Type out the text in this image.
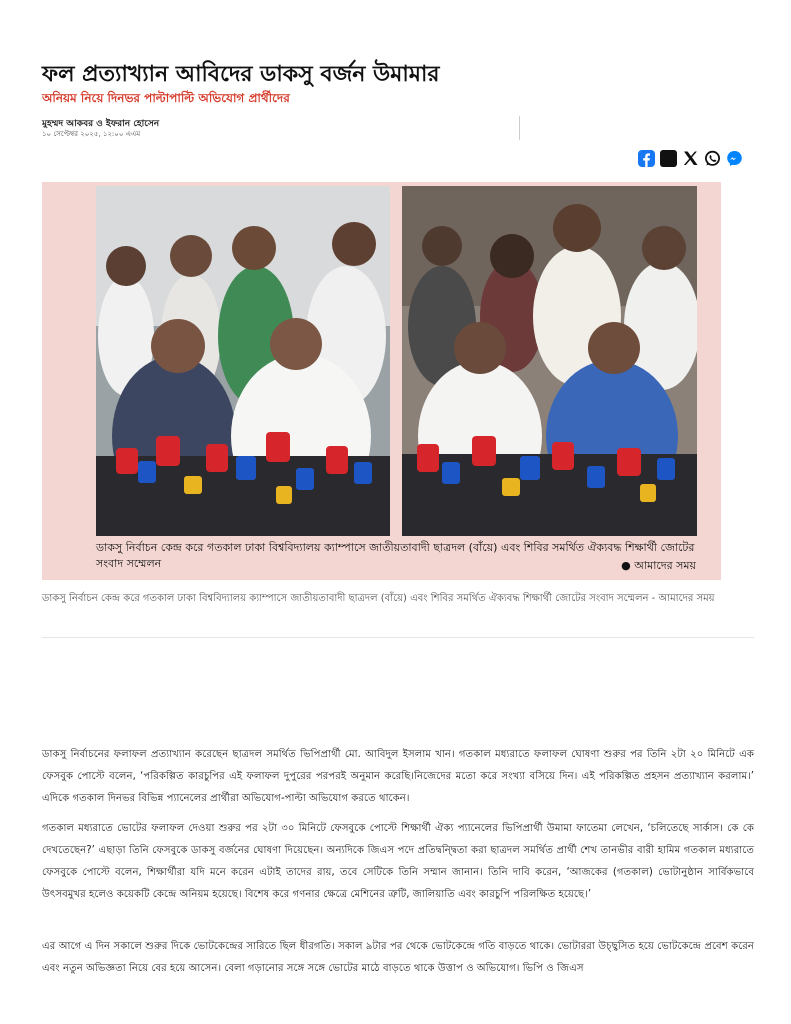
ফল প্রত্যাখ্যান আবিদের ডাকসু বর্জন উমামার
অনিয়ম নিয়ে দিনভর পাল্টাপাল্টি অভিযোগ প্রার্থীদের
মুহম্মদ আকবর ও ইফরান হোসেন
১০ সেপ্টেম্বর ২০২৫, ১২:০০ এএম
ডাকসু নির্বাচন কেন্দ্র করে গতকাল ঢাকা বিশ্ববিদ্যালয় ক্যাম্পাসে জাতীয়তাবাদী ছাত্রদল (বাঁয়ে) এবং শিবির সমর্থিত ঐক্যবদ্ধ শিক্ষার্থী জোটের সংবাদ সম্মেলন	● আমাদের সময়
ডাকসু নির্বাচন কেন্দ্র করে গতকাল ঢাকা বিশ্ববিদ্যালয় ক্যাম্পাসে জাতীয়তাবাদী ছাত্রদল (বাঁয়ে) এবং শিবির সমর্থিত ঐক্যবদ্ধ শিক্ষার্থী জোটের সংবাদ সম্মেলন - আমাদের সময়

ডাকসু নির্বাচনের ফলাফল প্রত্যাখ্যান করেছেন ছাত্রদল সমর্থিত ভিপিপ্রার্থী মো. আবিদুল ইসলাম খান। গতকাল মধ্যরাতে ফলাফল ঘোষণা শুরুর পর তিনি ২টা ২০ মিনিটে এক ফেসবুক পোস্টে বলেন, ‘পরিকল্পিত কারচুপির এই ফলাফল দুপুরের পরপরই অনুমান করেছি।নিজেদের মতো করে সংখ্যা বসিয়ে দিন। এই পরিকল্পিত প্রহসন প্রত্যাখ্যান করলাম।’ এদিকে গতকাল দিনভর বিভিন্ন প্যানেলের প্রার্থীরা অভিযোগ-পাল্টা অভিযোগ করতে থাকেন।

গতকাল মধ্যরাতে ভোটের ফলাফল দেওয়া শুরুর পর ২টা ৩০ মিনিটে ফেসবুকে পোস্টে শিক্ষার্থী ঐক্য প্যানেলের ভিপিপ্রার্থী উমামা ফাতেমা লেখেন, ‘চলিতেছে সার্কাস। কে কে দেখতেছেন?’ এছাড়া তিনি ফেসবুকে ডাকসু বর্জনের ঘোষণা দিয়েছেন। অন্যদিকে জিএস পদে প্রতিদ্বন্দ্বিতা করা ছাত্রদল সমর্থিত প্রার্থী শেখ তানভীর বারী হামিম গতকাল মধ্যরাতে ফেসবুকে পোস্টে বলেন, শিক্ষার্থীরা যদি মনে করেন এটাই তাদের রায়, তবে সেটিকে তিনি সম্মান জানান। তিনি দাবি করেন, ‘আজকের (গতকাল) ভোটানুষ্ঠান সার্বিকভাবে উৎসবমুখর হলেও কয়েকটি কেন্দ্রে অনিয়ম হয়েছে। বিশেষ করে গণনার ক্ষেত্রে মেশিনের ত্রুটি, জালিয়াতি এবং কারচুপি পরিলক্ষিত হয়েছে।’

এর আগে এ দিন সকালে শুরুর দিকে ভোটকেন্দ্রের সারিতে ছিল ধীরগতি। সকাল ৯টার পর থেকে ভোটকেন্দ্রে গতি বাড়তে থাকে। ভোটাররা উচ্ছ্বসিত হয়ে ভোটকেন্দ্রে প্রবেশ করেন এবং নতুন অভিজ্ঞতা নিয়ে বের হয়ে আসেন। বেলা গড়ানোর সঙ্গে সঙ্গে ভোটের মাঠে বাড়তে থাকে উত্তাপ ও অভিযোগ। ভিপি ও জিএস
